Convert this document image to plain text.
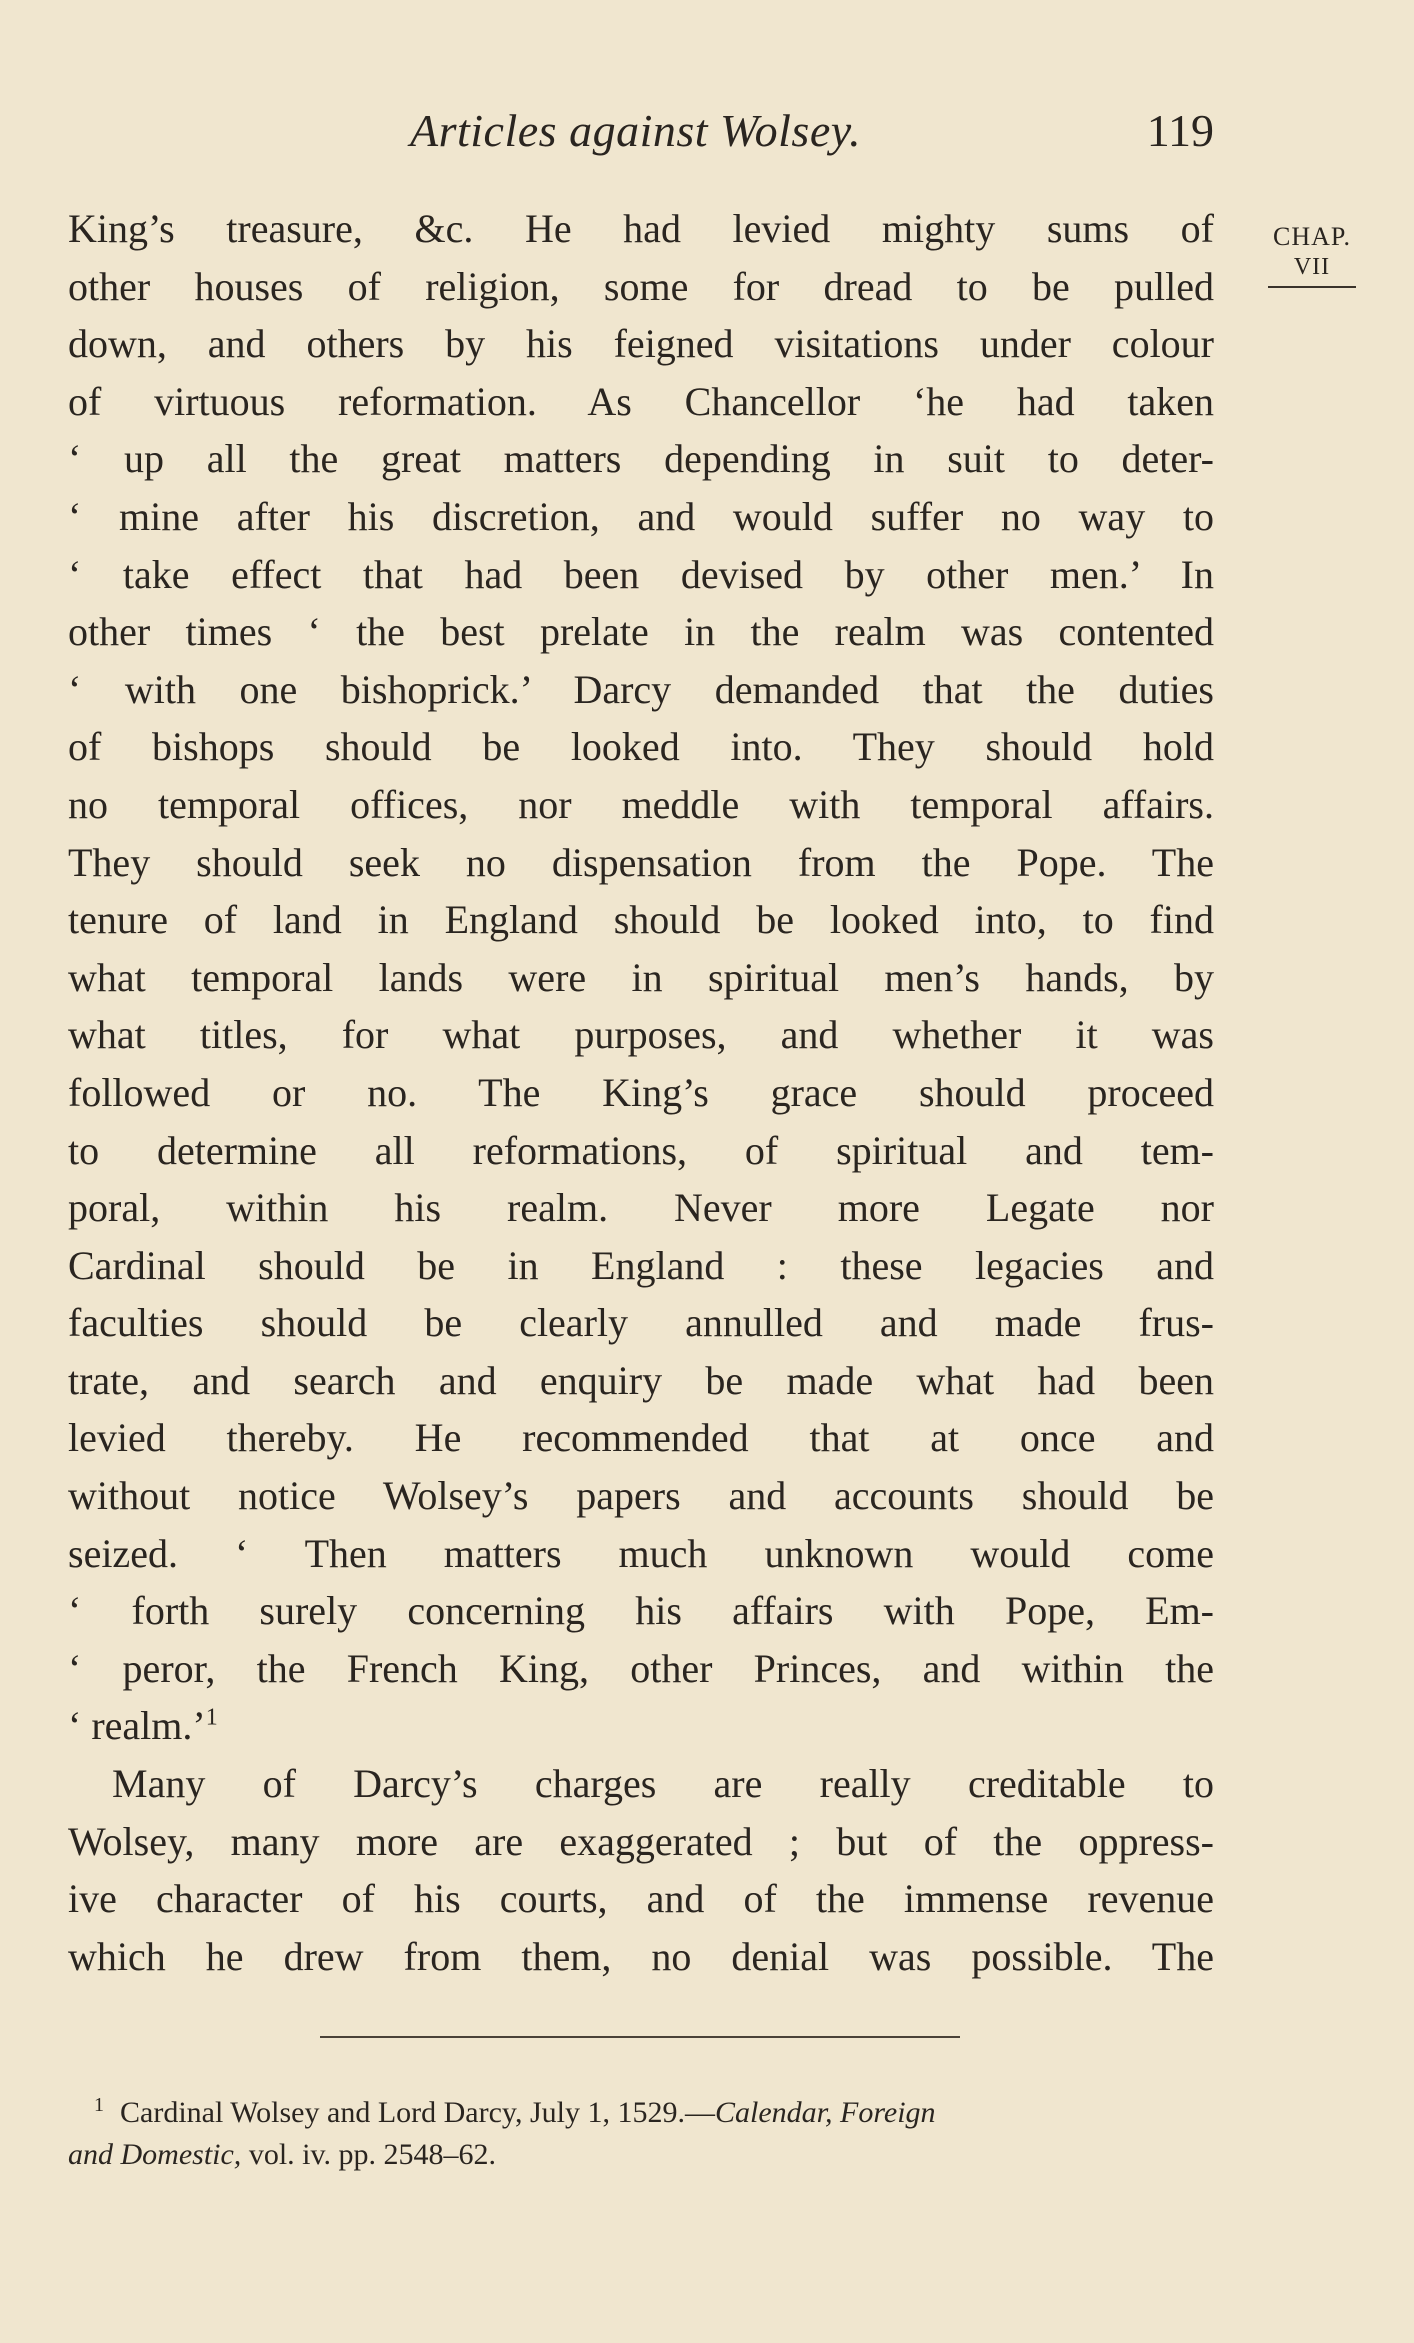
Articles against Wolsey.	119
CHAP.
VII
King’s treasure, &c. He had levied mighty sums of
other houses of religion, some for dread to be pulled
down, and others by his feigned visitations under colour
of virtuous reformation. As Chancellor ‘he had taken
‘ up all the great matters depending in suit to deter-
‘ mine after his discretion, and would suffer no way to
‘ take effect that had been devised by other men.’ In
other times ‘ the best prelate in the realm was contented
‘ with one bishoprick.’ Darcy demanded that the duties
of bishops should be looked into. They should hold
no temporal offices, nor meddle with temporal affairs.
They should seek no dispensation from the Pope. The
tenure of land in England should be looked into, to find
what temporal lands were in spiritual men’s hands, by
what titles, for what purposes, and whether it was
followed or no. The King’s grace should proceed
to determine all reformations, of spiritual and tem-
poral, within his realm. Never more Legate nor
Cardinal should be in England : these legacies and
faculties should be clearly annulled and made frus-
trate, and search and enquiry be made what had been
levied thereby. He recommended that at once and
without notice Wolsey’s papers and accounts should be
seized. ‘ Then matters much unknown would come
‘ forth surely concerning his affairs with Pope, Em-
‘ peror, the French King, other Princes, and within the
‘ realm.’$^1$
Many of Darcy’s charges are really creditable to
Wolsey, many more are exaggerated ; but of the oppress-
ive character of his courts, and of the immense revenue
which he drew from them, no denial was possible. The
$^1$ Cardinal Wolsey and Lord Darcy, July 1, 1529.—Calendar, Foreign
and Domestic, vol. iv. pp. 2548–62.
